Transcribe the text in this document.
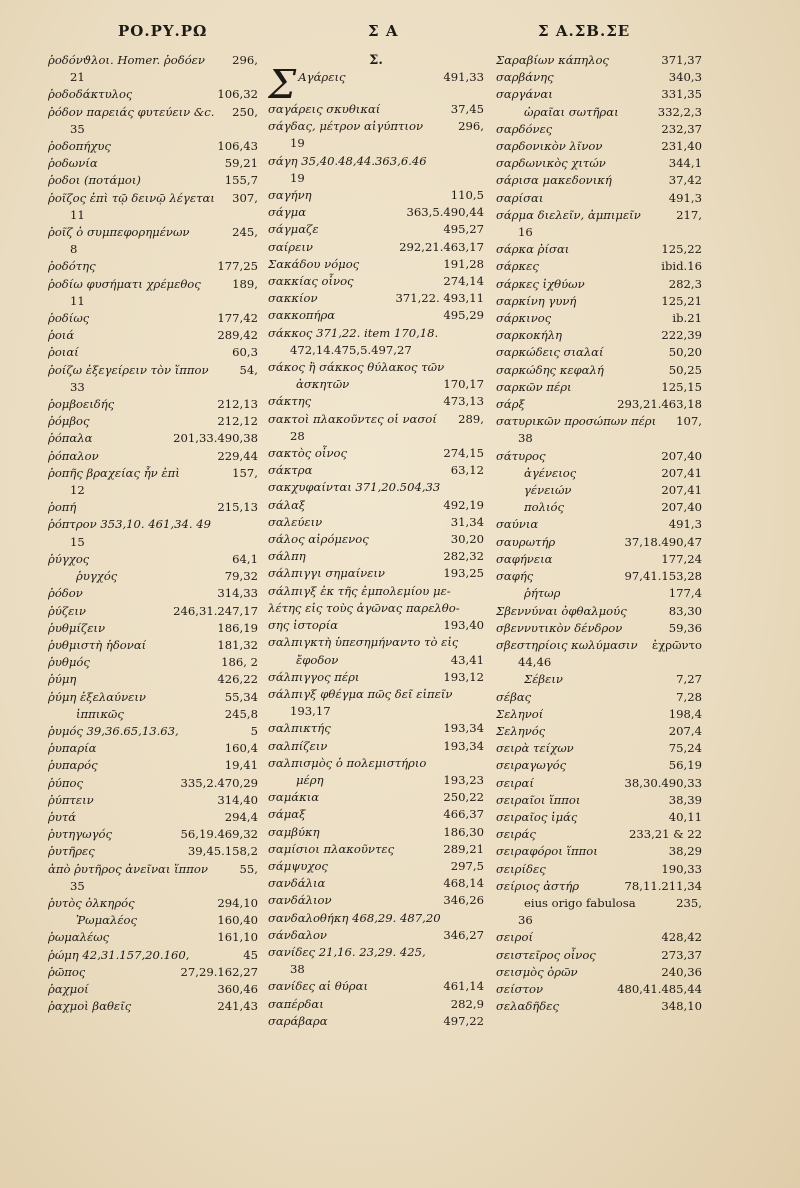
ΡΟ.ΡΥ.ΡΩ	Σ Α	Σ Α.ΣΒ.ΣΕ
ῥοδόνϑλοι. Homer. ῥοδόεν	296,
21
ῥοδοδάκτυλος	106,32
ῥόδον παρειάς φυτεύειν &c.	250,
35
ῥοδοπήχυς	106,43
ῥοδωνία	59,21
ῥοδοι (ποτάμοι)	155,7
ῥοῖζος ἐπὶ τῷ δεινῷ λέγεται	307,
11
ῥοῖζ ὁ συμπεφορημένων	245,
8
ῥοδότης	177,25
ῥοδίω φυσήματι χρέμεθος	189,
11
ῥοδίως	177,42
ῥοιά	289,42
ῥοιαί	60,3
ῥοίζω ἐξεγείρειν τὸν ἵππον	54,
33
ῥομβοειδής	212,13
ῥόμβος	212,12
ῥόπαλα	201,33.490,38
ῥόπαλον	229,44
ῥοπῆς βραχείας ἦν ἐπὶ	157,
12
ῥοπή	215,13
ῥόπτρον 353,10. 461,34. 49
15
ῥύγχος	64,1
ῥυγχός	79,32
ῥόδον	314,33
ῥύζειν	246,31.247,17
ῥυθμίζειν	186,19
ῥυθμιστὴ ἡδοναί	181,32
ῥυθμός	186, 2
ῥύμη	426,22
ῥύμη ἐξελαύνειν	55,34
ἱππικῶς	245,8
ῥυμός 39,36.65,13.63,	5
ῥυπαρία	160,4
ῥυπαρός	19,41
ῥύπος	335,2.470,29
ῥύπτειν	314,40
ῥυτά	294,4
ῥυτηγωγός	56,19.469,32
ῥυτῆρες	39,45.158,2
ἀπὸ ῥυτῆρος ἀνεῖναι ἵππον	55,
35
ῥυτὸς ὁλκηρός	294,10
Ῥωμαλέος	160,40
ῥωμαλέως	161,10
ῥώμη 42,31.157,20.160,	45
ῥῶπος	27,29.162,27
ῥαχμοί	360,46
ῥαχμοὶ βαθεῖς	241,43
Σ.
Σ Αγάρεις	491,33
σαγάρεις σκυθικαί	37,45
σάγδας, μέτρον αἰγύπτιον	296,
19
σάγη 35,40.48,44.363,6.46
19
σαγήνη	110,5
σάγμα	363,5.490,44
σάγμαζε	495,27
σαίρειν	292,21.463,17
Σακάδου νόμος	191,28
σακκίας οἶνος	274,14
σακκίον	371,22. 493,11
σακκοπήρα	495,29
σάκκος 371,22. item 170,18.
472,14.475,5.497,27
σάκος ἢ σάκκος θύλακος τῶν
ἀσκητῶν	170,17
σάκτης	473,13
σακτοὶ πλακοῦντες οἱ νασοί	289,
28
σακτὸς οἶνος	274,15
σάκτρα	63,12
σακχυφαίνται 371,20.504,33
σάλαξ	492,19
σαλεύειν	31,34
σάλος αἰρόμενος	30,20
σάλπη	282,32
σάλπιγγι σημαίνειν	193,25
σάλπιγξ ἐκ τῆς ἐμπολεμίου με-
λέτης εἰς τοὺς ἀγῶνας παρελθο-
σης ἱστορία	193,40
σαλπιγκτὴ ὑπεσημήναντο τὸ εἰς
ἔφοδον	43,41
σάλπιγγος πέρι	193,12
σάλπιγξ φθέγμα πῶς δεῖ εἰπεῖν
193,17
σαλπικτής	193,34
σαλπίζειν	193,34
σαλπισμὸς ὁ πολεμιστήριο
μέρη	193,23
σαμάκια	250,22
σάμαξ	466,37
σαμβύκη	186,30
σαμίσιοι πλακοῦντες	289,21
σάμψυχος	297,5
σανδάλια	468,14
σανδάλιον	346,26
σανδαλοθήκη 468,29. 487,20
σάνδαλον	346,27
σανίδες 21,16. 23,29. 425,
38
σανίδες αἱ θύραι	461,14
σαπέρδαι	282,9
σαράβαρα	497,22
Σαραβίων κάπηλος	371,37
σαρβάνης	340,3
σαργάναι	331,35
ὡραῖαι σωτῆραι	332,2,3
σαρδόνες	232,37
σαρδονικὸν λῖνον	231,40
σαρδωνικὸς χιτών	344,1
σάρισα μακεδονική	37,42
σαρίσαι	491,3
σάρμα διελεῖν, ἀμπιμεῖν	217,
16
σάρκα ῥίσαι	125,22
σάρκες	ibid.16
σάρκες ἰχθύων	282,3
σαρκίνη γυνή	125,21
σάρκινος	ib.21
σαρκοκήλη	222,39
σαρκώδεις σιαλαί	50,20
σαρκώδης κεφαλή	50,25
σαρκῶν πέρι	125,15
σάρξ	293,21.463,18
σατυρικῶν προσώπων πέρι	107,
38
σάτυρος	207,40
ἀγένειος	207,41
γένειών	207,41
πολιός	207,40
σαύνια	491,3
σαυρωτήρ	37,18.490,47
σαφήνεια	177,24
σαφής	97,41.153,28
ῥήτωρ	177,4
Σβεννύναι ὀφθαλμούς	83,30
σβεννυτικὸν δένδρον	59,36
σβεστηρίοις κωλύμασιν	ἐχρῶντο
44,46
Σέβειν	7,27
σέβας	7,28
Σεληνοί	198,4
Σεληνός	207,4
σειρὰ τείχων	75,24
σειραγωγός	56,19
σειραί	38,30.490,33
σειραῖοι ἵπποι	38,39
σειραῖος ἱμάς	40,11
σειράς	233,21 & 22
σειραφόροι ἵπποι	38,29
σειρίδες	190,33
σείριος ἀστήρ	78,11.211,34
eius origo fabulosa	235,
36
σειροί	428,42
σειστεῖρος οἶνος	273,37
σεισμὸς ὀρῶν	240,36
σείστον	480,41.485,44
σελαδῆδες	348,10
